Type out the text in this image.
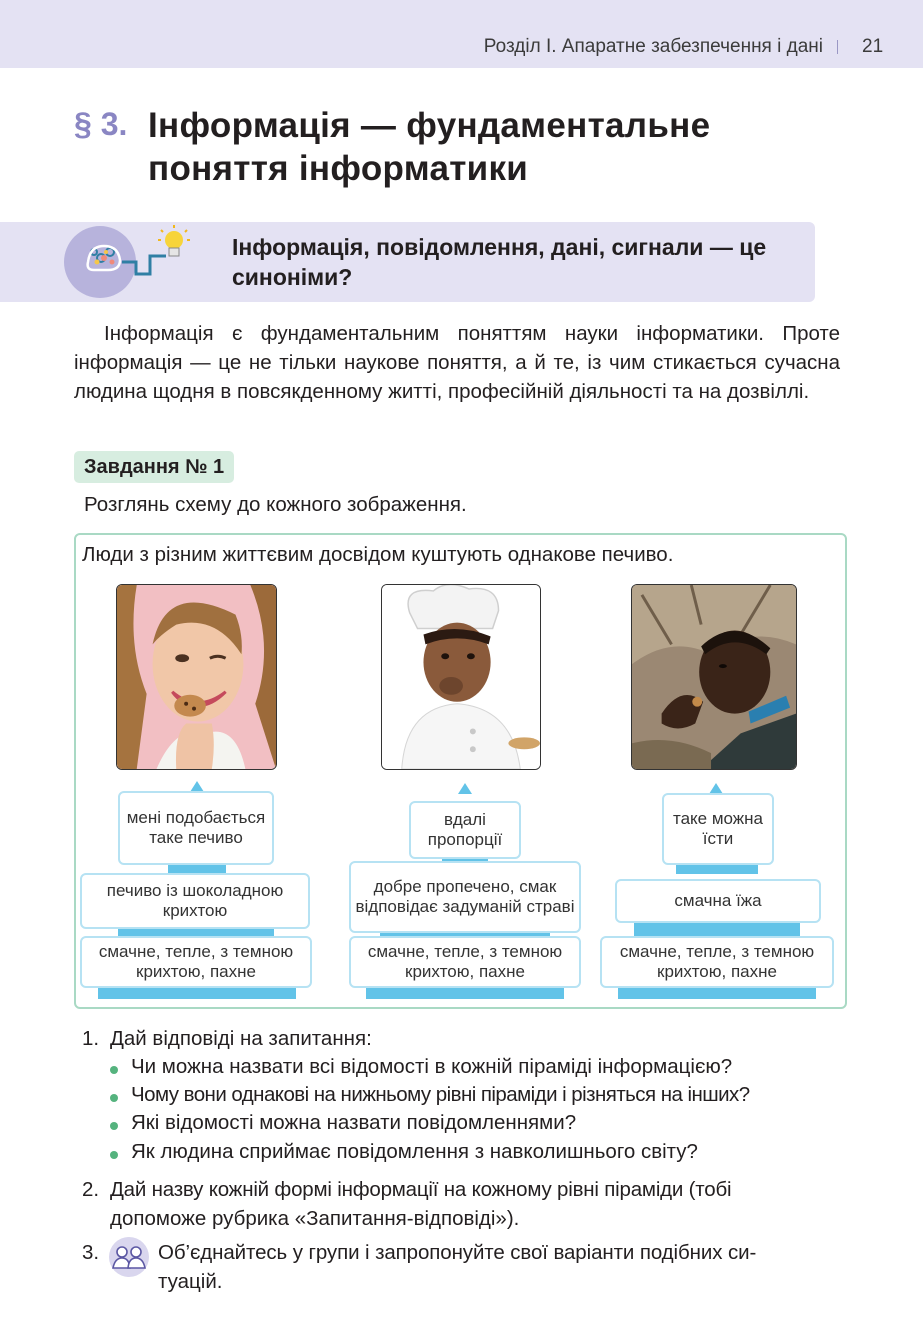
Розділ І. Апаратне забезпечення і дані 21
§ 3. Інформація — фундаментальне поняття інформатики
Інформація, повідомлення, дані, сигнали — це синоніми?
Інформація є фундаментальним поняттям науки інформатики. Проте інформація — це не тільки наукове поняття, а й те, із чим стикається сучасна людина щодня в повсякденному житті, професійній діяльності та на дозвіллі.
Завдання № 1
Розглянь схему до кожного зображення.
Люди з різним життєвим досвідом куштують однакове печиво.
мені подобається таке печиво
печиво із шоколадною крихтою
смачне, тепле, з темною крихтою, пахне
вдалі пропорції
добре пропечено, смак відповідає задуманій страві
смачне, тепле, з темною крихтою, пахне
таке можна їсти
смачна їжа
смачне, тепле, з темною крихтою, пахне
1. Дай відповіді на запитання:
Чи можна назвати всі відомості в кожній піраміді інформацією?
Чому вони однакові на нижньому рівні піраміди і різняться на інших?
Які відомості можна назвати повідомленнями?
Як людина сприймає повідомлення з навколишнього світу?
2. Дай назву кожній формі інформації на кожному рівні піраміди (тобі
допоможе рубрика «Запитання-відповіді»).
3.	Об’єднайтесь у групи і запропонуйте свої варіанти подібних си-
туацій.
